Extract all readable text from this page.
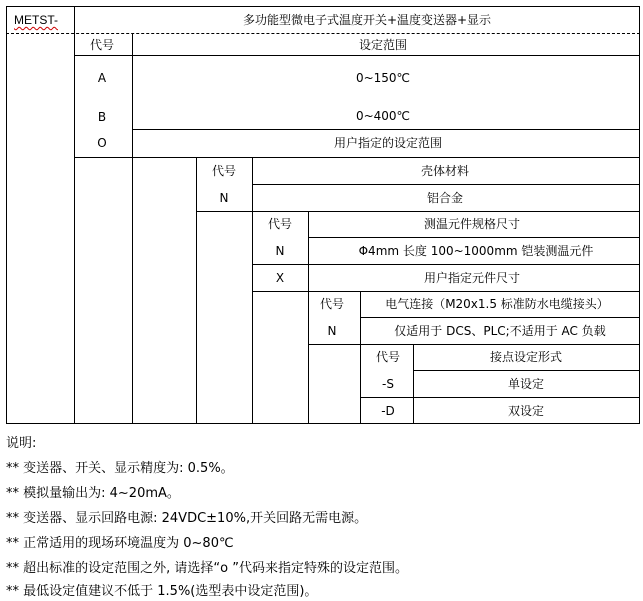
METST-	多功能型微电子式温度开关+温度变送器+显示
代号	设定范围
A	0~150℃
B	0~400℃
O	用户指定的设定范围
代号	壳体材料
N	铝合金
代号	测温元件规格尺寸
N	Φ4mm 长度 100~1000mm 铠装测温元件
X	用户指定元件尺寸
代号	电气连接（M20x1.5 标准防水电缆接头）
N	仅适用于 DCS、PLC;不适用于 AC 负载
代号	接点设定形式
-S	单设定
-D	双设定
说明:
** 变送器、开关、显示精度为: 0.5%。
** 模拟量输出为: 4~20mA。
** 变送器、显示回路电源: 24VDC±10%,开关回路无需电源。
** 正常适用的现场环境温度为 0~80℃
** 超出标准的设定范围之外, 请选择“o ”代码来指定特殊的设定范围。
** 最低设定值建议不低于 1.5%(选型表中设定范围)。
